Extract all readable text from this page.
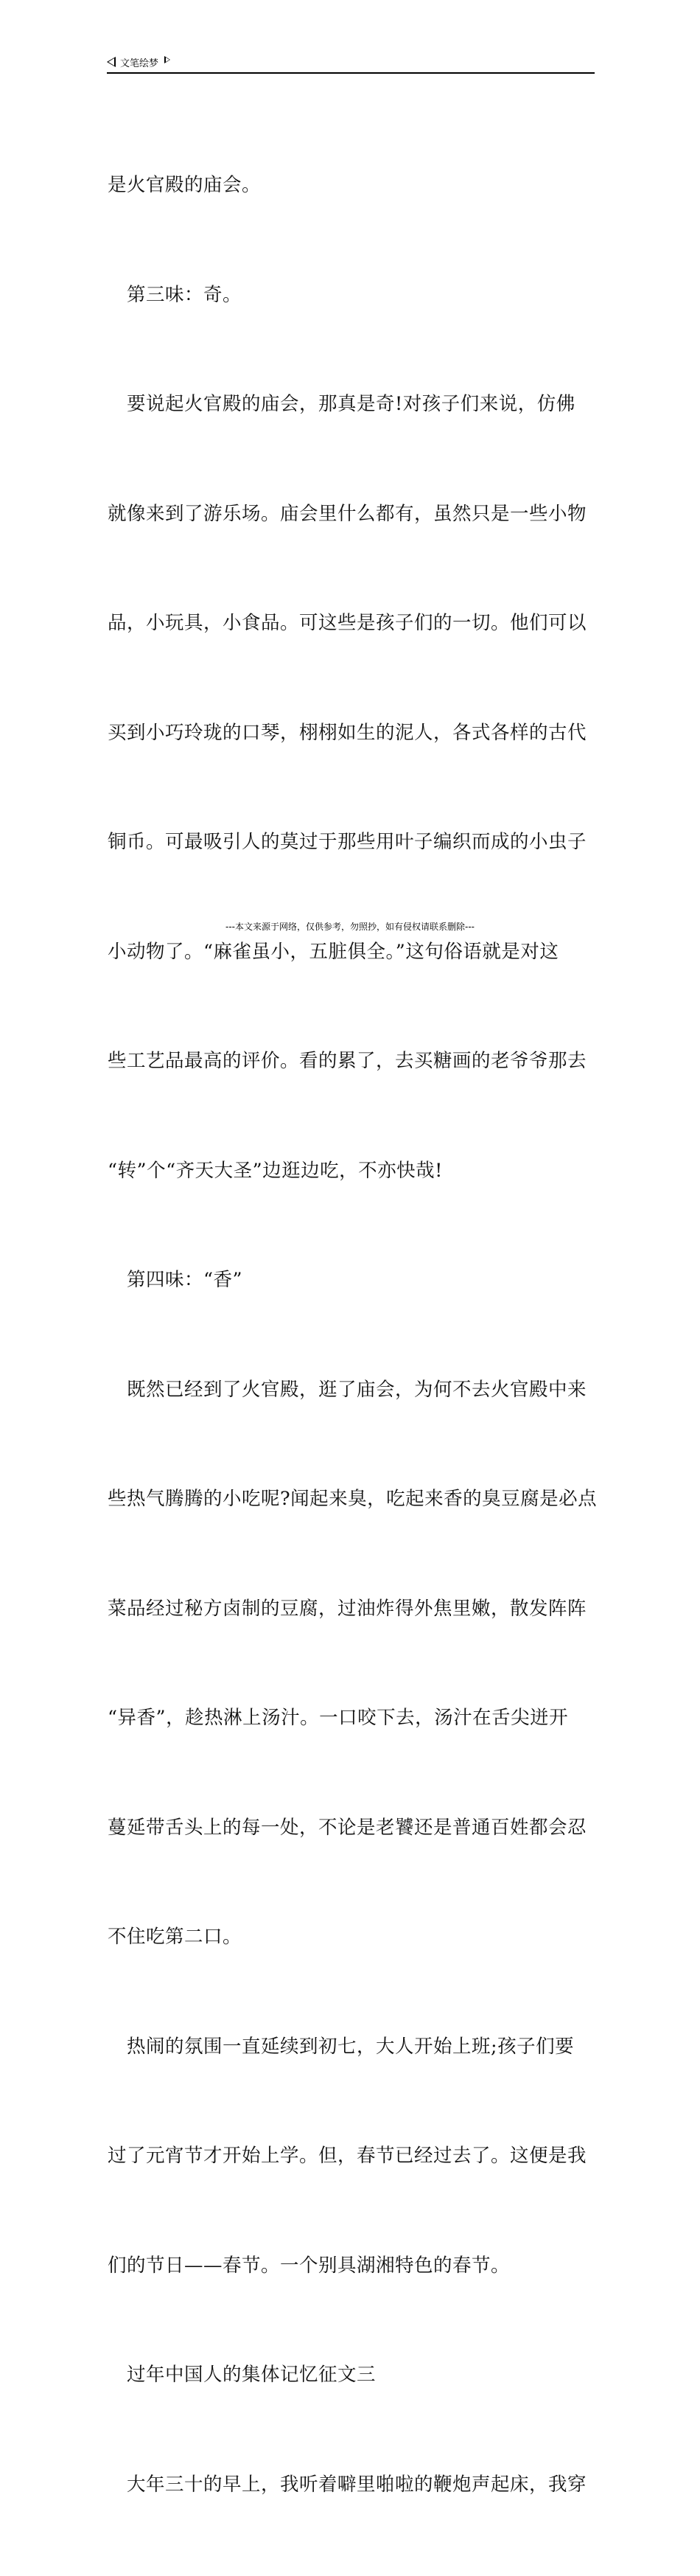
文笔绘梦

是火官殿的庙会。

　第三味：奇。

　要说起火官殿的庙会，那真是奇!对孩子们来说，仿佛

就像来到了游乐场。庙会里什么都有，虽然只是一些小物

品，小玩具，小食品。可这些是孩子们的一切。他们可以

买到小巧玲珑的口琴，栩栩如生的泥人，各式各样的古代

铜币。可最吸引人的莫过于那些用叶子编织而成的小虫子

小动物了。“麻雀虽小，五脏俱全。”这句俗语就是对这

些工艺品最高的评价。看的累了，去买糖画的老爷爷那去

“转”个“齐天大圣”边逛边吃，不亦快哉!

　第四味：“香”

　既然已经到了火官殿，逛了庙会，为何不去火官殿中来

些热气腾腾的小吃呢?闻起来臭，吃起来香的臭豆腐是必点

菜品经过秘方卤制的豆腐，过油炸得外焦里嫩，散发阵阵

“异香”，趁热淋上汤汁。一口咬下去，汤汁在舌尖迸开

蔓延带舌头上的每一处，不论是老饕还是普通百姓都会忍

不住吃第二口。

　热闹的氛围一直延续到初七，大人开始上班;孩子们要

过了元宵节才开始上学。但，春节已经过去了。这便是我

们的节日——春节。一个别具湖湘特色的春节。

　过年中国人的集体记忆征文三

　大年三十的早上，我听着噼里啪啦的鞭炮声起床，我穿

---本文来源于网络，仅供参考，勿照抄，如有侵权请联系删除---
